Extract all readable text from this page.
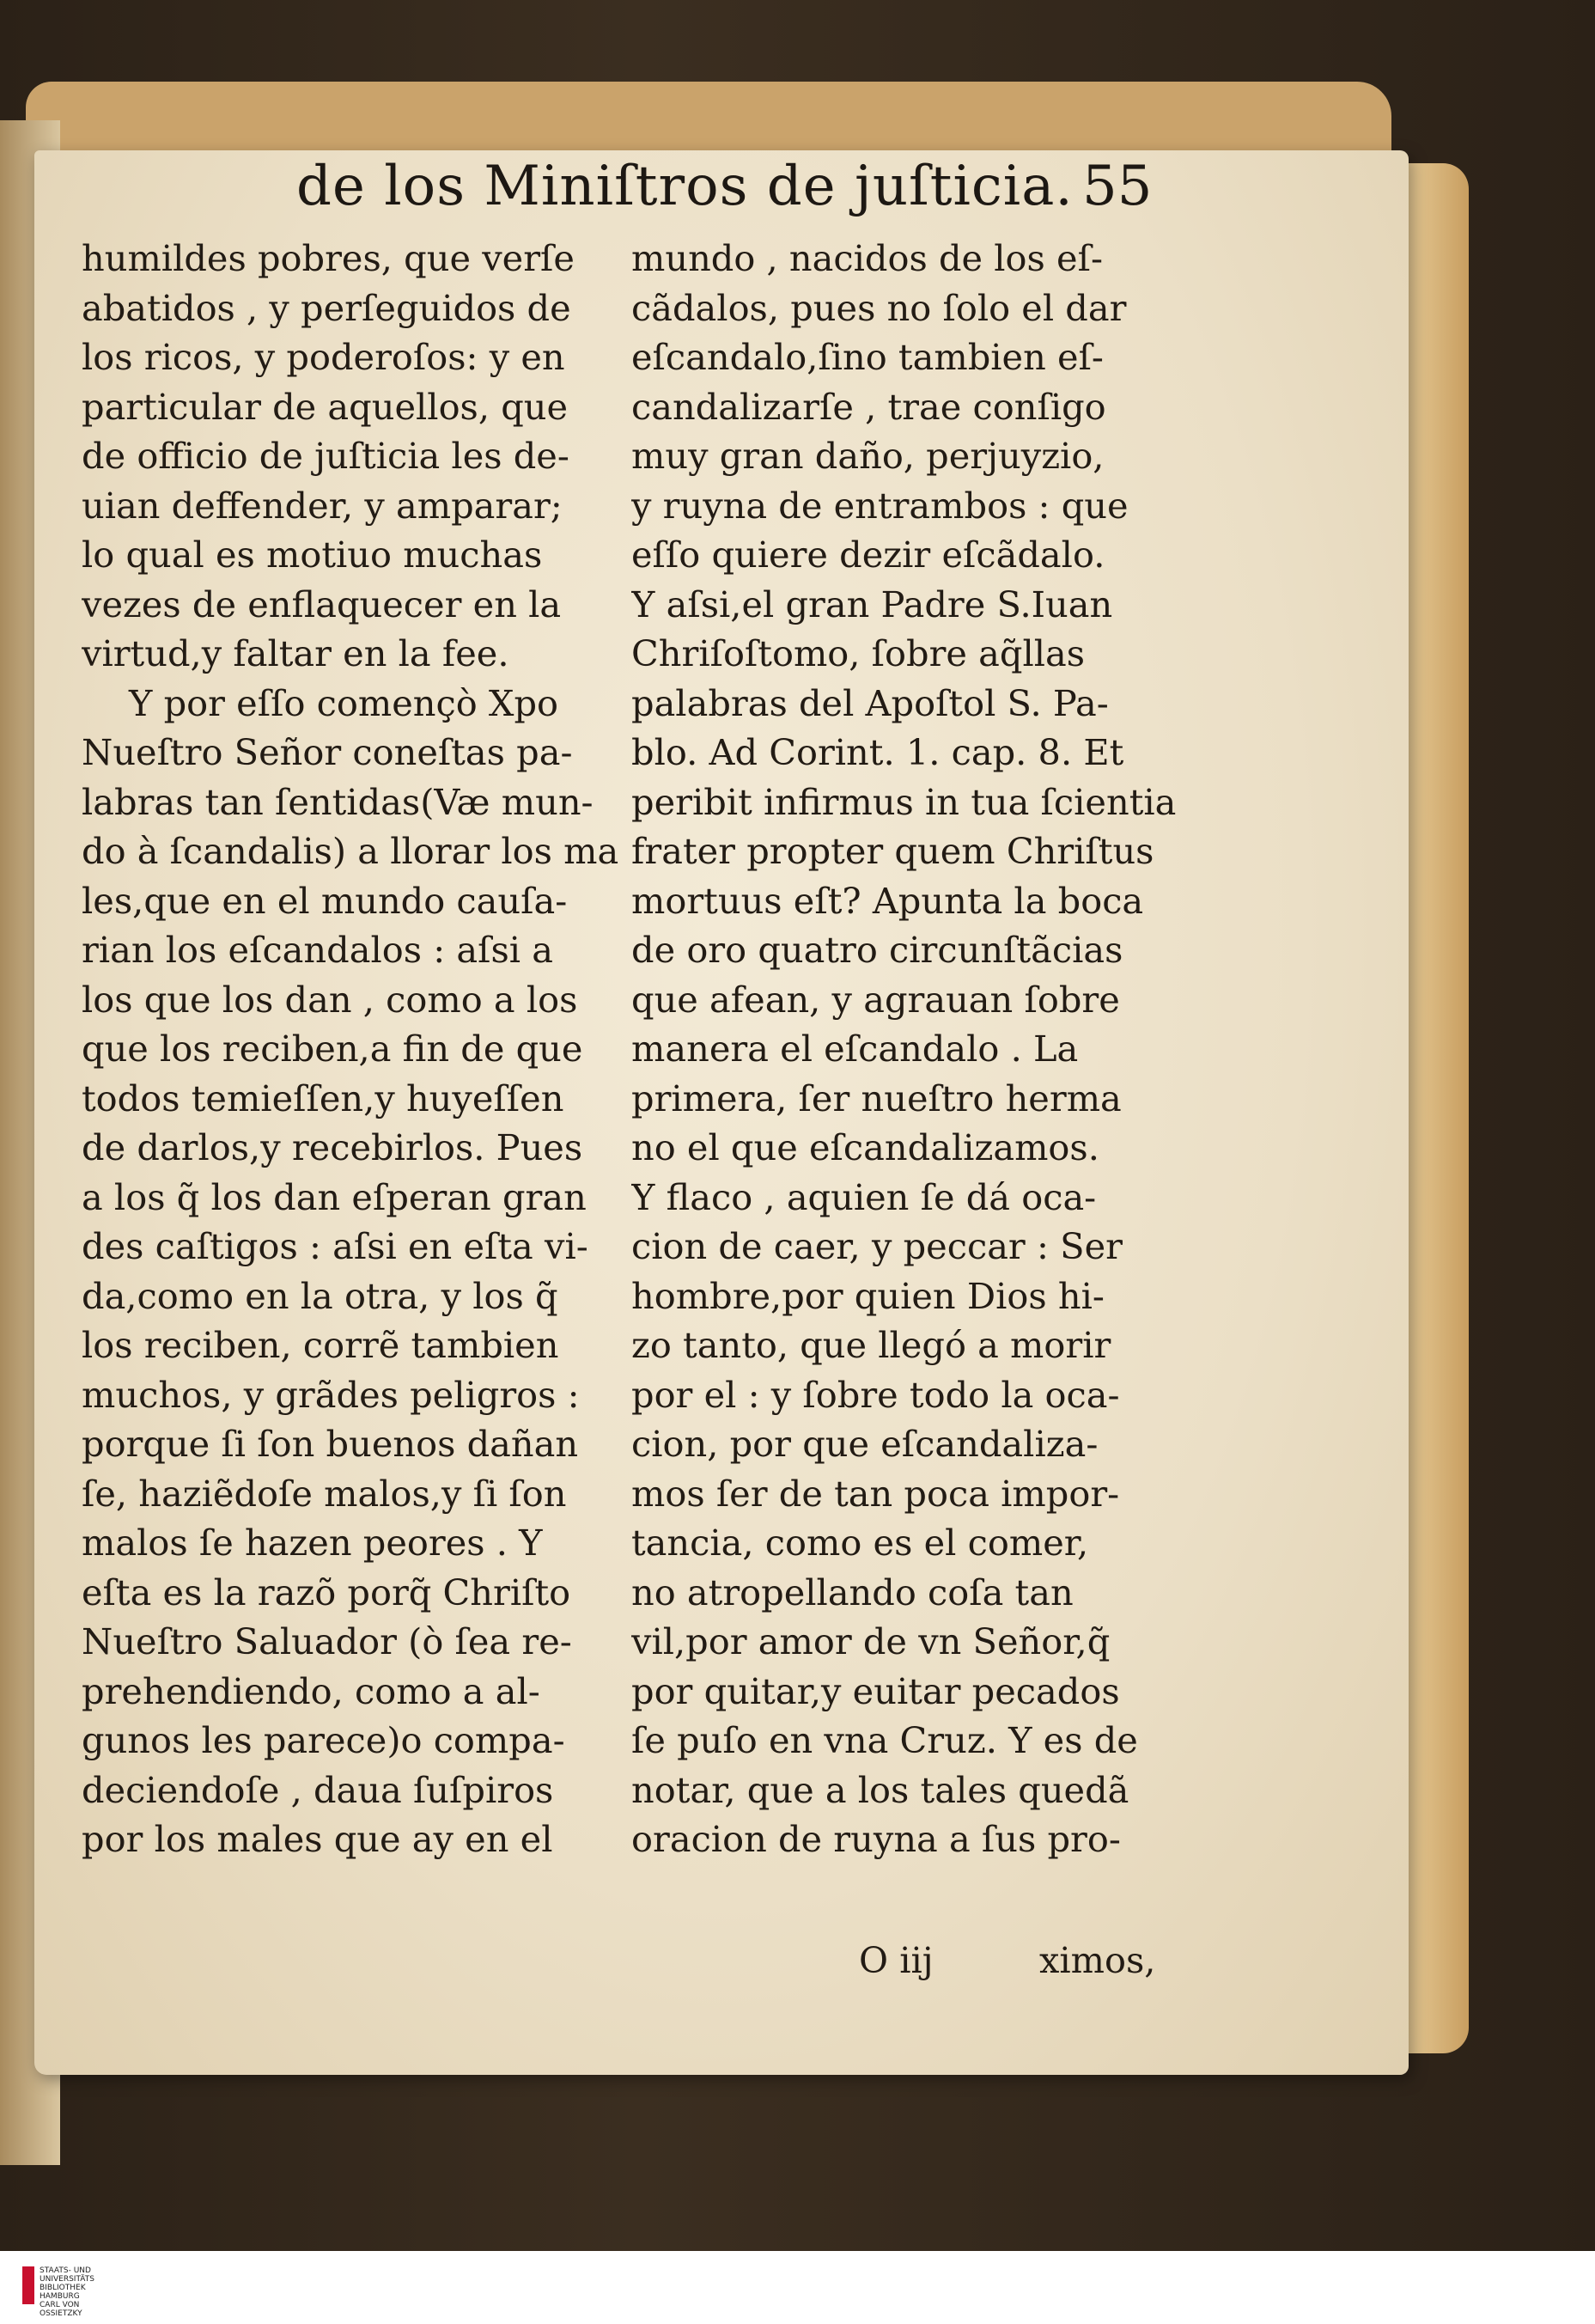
de los Miniſtros de juſticia. 55
humildes pobres, que verſe
abatidos , y perſeguidos de
los ricos, y poderoſos: y en
particular de aquellos, que
de officio de juſticia les de-
uian deffender, y amparar;
lo qual es motiuo muchas
vezes de enflaquecer en la
virtud,y faltar en la fee.
Y por eſſo començò Xpo
Nueſtro Señor coneſtas pa-
labras tan ſentidas(Væ mun-
do à ſcandalis) a llorar los ma
les,que en el mundo cauſa-
rian los eſcandalos : aſsi a
los que los dan , como a los
que los reciben,a fin de que
todos temieſſen,y huyeſſen
de darlos,y recebirlos. Pues
a los q̃ los dan eſperan gran
des caſtigos : aſsi en eſta vi-
da,como en la otra, y los q̃
los reciben, corrẽ tambien
muchos, y grãdes peligros :
porque ſi ſon buenos dañan
ſe, haziẽdoſe malos,y ſi ſon
malos ſe hazen peores . Y
eſta es la razõ porq̃ Chriſto
Nueſtro Saluador (ò ſea re-
prehendiendo, como a al-
gunos les parece)o compa-
deciendoſe , daua ſuſpiros
por los males que ay en el
mundo , nacidos de los eſ-
cãdalos, pues no ſolo el dar
eſcandalo,ſino tambien eſ-
candalizarſe , trae conſigo
muy gran daño, perjuyzio,
y ruyna de entrambos : que
eſſo quiere dezir eſcãdalo.
Y aſsi,el gran Padre S.Iuan
Chriſoſtomo, ſobre aq̃llas
palabras del Apoſtol S. Pa-
blo. Ad Corint. 1. cap. 8. Et
peribit infirmus in tua ſcientia
frater propter quem Chriſtus
mortuus eſt? Apunta la boca
de oro quatro circunſtãcias
que afean, y agrauan ſobre
manera el eſcandalo . La
primera, ſer nueſtro herma
no el que eſcandalizamos.
Y flaco , aquien ſe dá oca-
cion de caer, y peccar : Ser
hombre,por quien Dios hi-
zo tanto, que llegó a morir
por el : y ſobre todo la oca-
cion, por que eſcandaliza-
mos ſer de tan poca impor-
tancia, como es el comer,
no atropellando coſa tan
vil,por amor de vn Señor,q̃
por quitar,y euitar pecados
ſe puſo en vna Cruz. Y es de
notar, que a los tales quedã
oracion de ruyna a ſus pro-
O iij	ximos,
STAATS- UND UNIVERSITÄTS
BIBLIOTHEK
HAMBURG
CARL VON OSSIETZKY
